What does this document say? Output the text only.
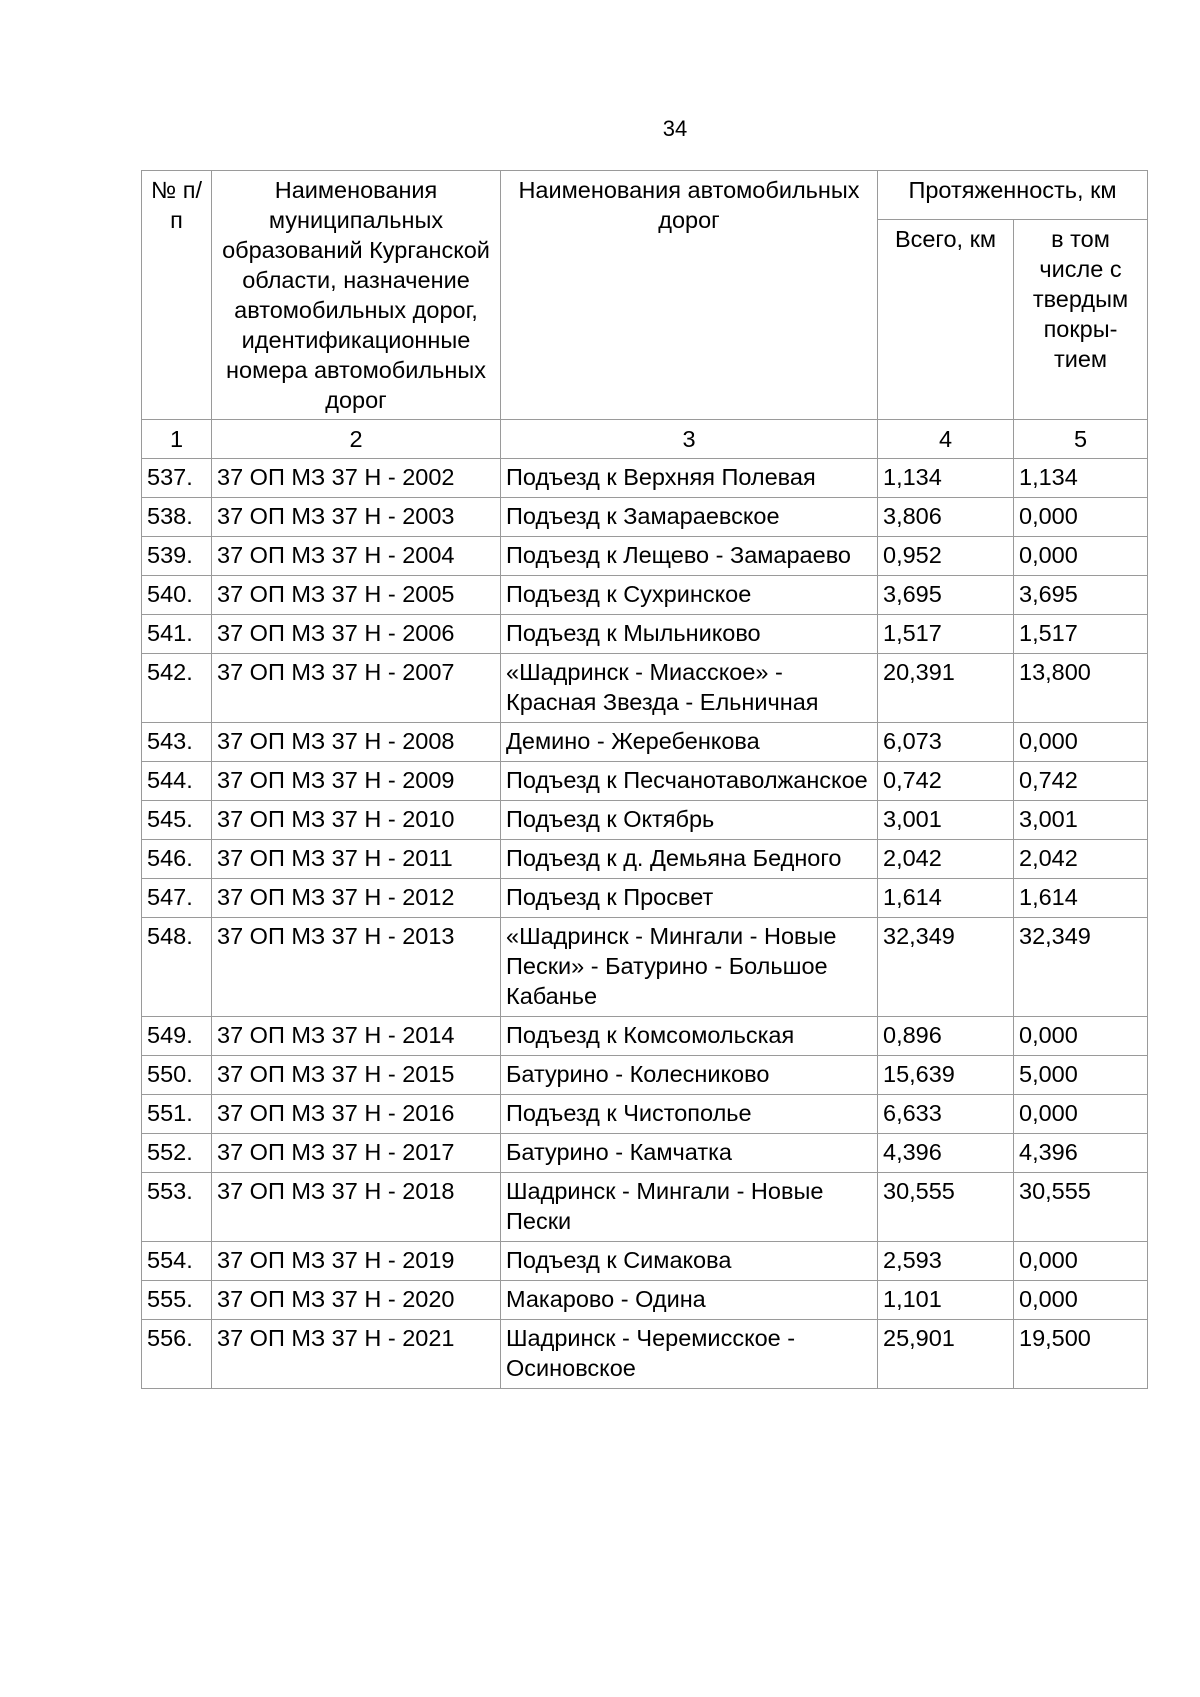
34
№ п/п	Наименования муниципальных образований Курганской области, назначение автомобильных дорог, идентификационные номера автомобильных дорог	Наименования автомобильных дорог	Протяженность, км	
			Всего, км	в том числе с твердым покры-тием
1	2	3	4	5
537.	37 ОП МЗ 37 Н - 2002	Подъезд к Верхняя Полевая	1,134	1,134
538.	37 ОП МЗ 37 Н - 2003	Подъезд к Замараевское	3,806	0,000
539.	37 ОП МЗ 37 Н - 2004	Подъезд к Лещево - Замараево	0,952	0,000
540.	37 ОП МЗ 37 Н - 2005	Подъезд к Сухринское	3,695	3,695
541.	37 ОП МЗ 37 Н - 2006	Подъезд к Мыльниково	1,517	1,517
542.	37 ОП МЗ 37 Н - 2007	«Шадринск - Миасское» - Красная Звезда - Ельничная	20,391	13,800
543.	37 ОП МЗ 37 Н - 2008	Демино - Жеребенкова	6,073	0,000
544.	37 ОП МЗ 37 Н - 2009	Подъезд к Песчанотаволжанское	0,742	0,742
545.	37 ОП МЗ 37 Н - 2010	Подъезд к Октябрь	3,001	3,001
546.	37 ОП МЗ 37 Н - 2011	Подъезд к д. Демьяна Бедного	2,042	2,042
547.	37 ОП МЗ 37 Н - 2012	Подъезд к Просвет	1,614	1,614
548.	37 ОП МЗ 37 Н - 2013	«Шадринск - Мингали - Новые Пески» - Батурино - Большое Кабанье	32,349	32,349
549.	37 ОП МЗ 37 Н - 2014	Подъезд к Комсомольская	0,896	0,000
550.	37 ОП МЗ 37 Н - 2015	Батурино - Колесниково	15,639	5,000
551.	37 ОП МЗ 37 Н - 2016	Подъезд к Чистополье	6,633	0,000
552.	37 ОП МЗ 37 Н - 2017	Батурино - Камчатка	4,396	4,396
553.	37 ОП МЗ 37 Н - 2018	Шадринск - Мингали - Новые Пески	30,555	30,555
554.	37 ОП МЗ 37 Н - 2019	Подъезд к Симакова	2,593	0,000
555.	37 ОП МЗ 37 Н - 2020	Макарово - Одина	1,101	0,000
556.	37 ОП МЗ 37 Н - 2021	Шадринск - Черемисское - Осиновское	25,901	19,500
